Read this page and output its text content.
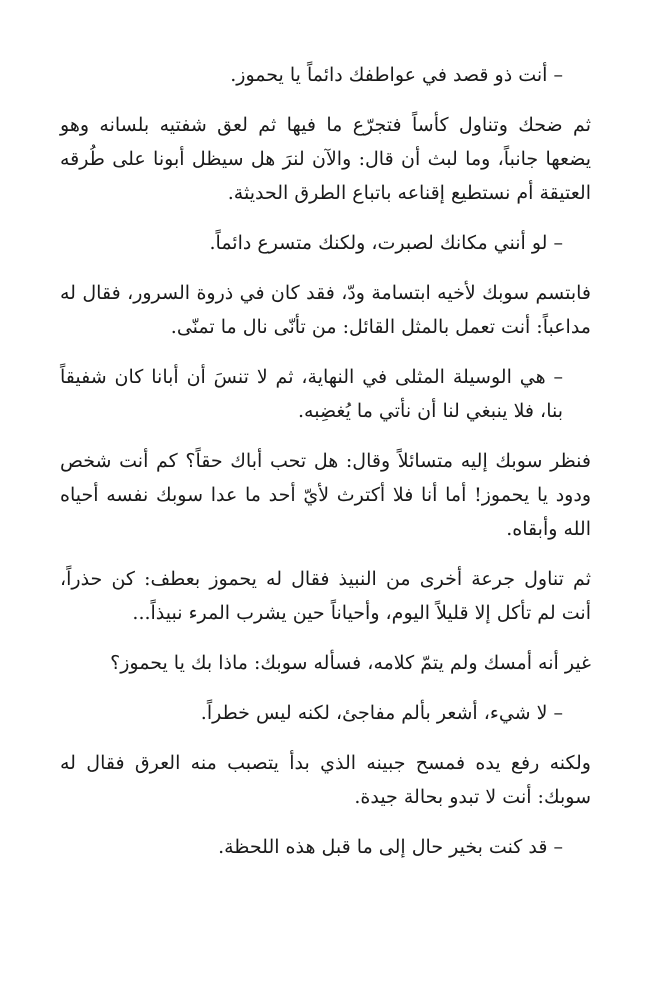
– أنت ذو قصد في عواطفك دائماً يا يحموز.

ثم ضحك وتناول كأساً فتجرّع ما فيها ثم لعق شفتيه بلسانه وهو يضعها جانباً، وما لبث أن قال: والآن لنرَ هل سيظل أبونا على طُرقه العتيقة أم نستطيع إقناعه باتباع الطرق الحديثة.

– لو أنني مكانك لصبرت، ولكنك متسرع دائماً.

فابتسم سوبك لأخيه ابتسامة ودّ، فقد كان في ذروة السرور، فقال له مداعباً: أنت تعمل بالمثل القائل: من تأنّى نال ما تمنّى.

– هي الوسيلة المثلى في النهاية، ثم لا تنسَ أن أبانا كان شفيقاً بنا، فلا ينبغي لنا أن نأتي ما يُغضِبه.

فنظر سوبك إليه متسائلاً وقال: هل تحب أباك حقاً؟ كم أنت شخص ودود يا يحموز! أما أنا فلا أكترث لأيّ أحد ما عدا سوبك نفسه أحياه الله وأبقاه.

ثم تناول جرعة أخرى من النبيذ فقال له يحموز بعطف: كن حذراً، أنت لم تأكل إلا قليلاً اليوم، وأحياناً حين يشرب المرء نبيذاً...

غير أنه أمسك ولم يتمّ كلامه، فسأله سوبك: ماذا بك يا يحموز؟

– لا شيء، أشعر بألم مفاجئ، لكنه ليس خطراً.

ولكنه رفع يده فمسح جبينه الذي بدأ يتصبب منه العرق فقال له سوبك: أنت لا تبدو بحالة جيدة.

– قد كنت بخير حال إلى ما قبل هذه اللحظة.
